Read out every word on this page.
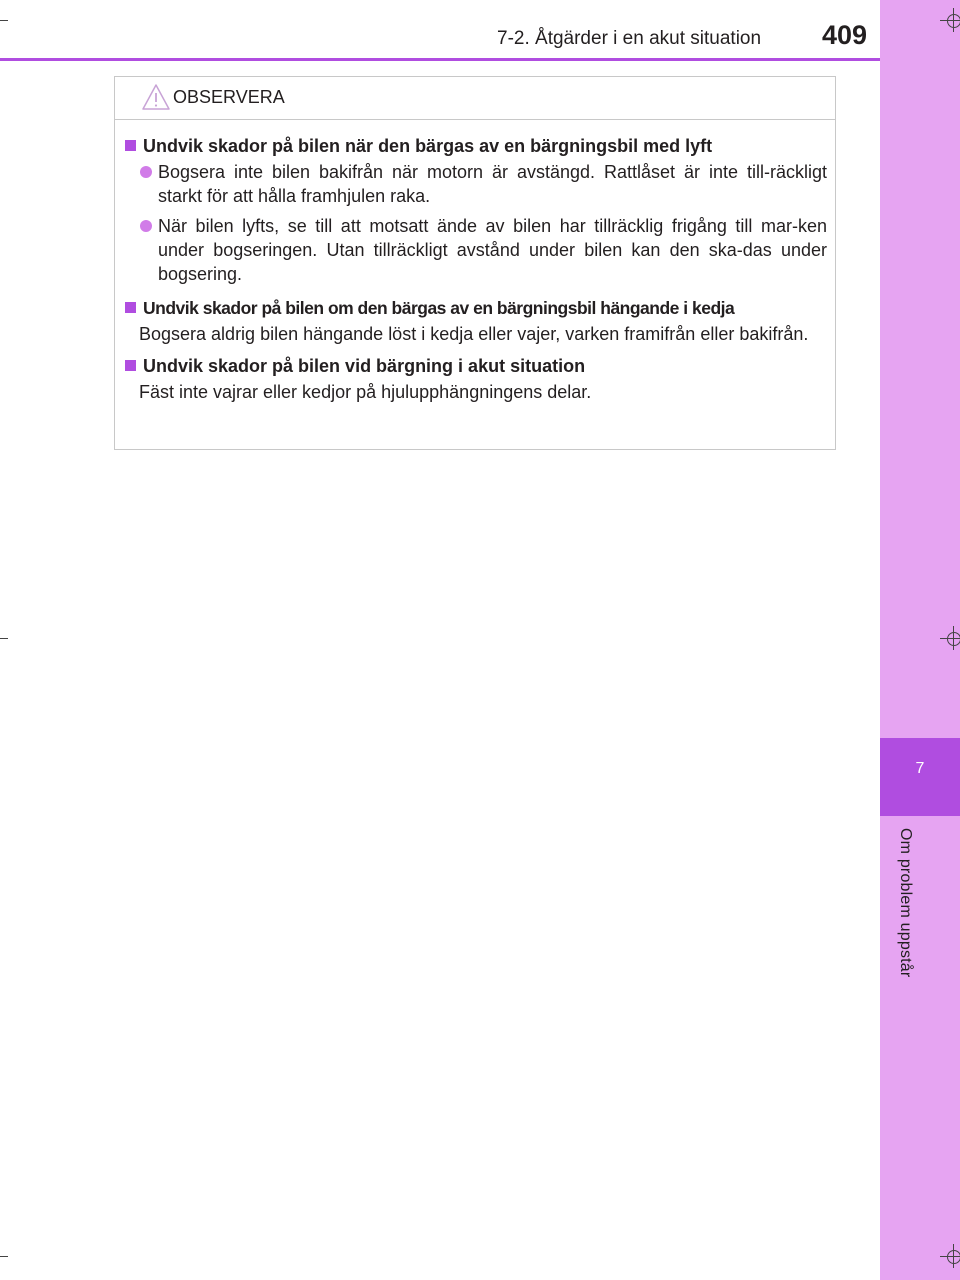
7
Om problem uppstår
7-2. Åtgärder i en akut situation 409
OBSERVERA
Undvik skador på bilen när den bärgas av en bärgningsbil med lyft
Bogsera inte bilen bakifrån när motorn är avstängd. Rattlåset är inte till-räckligt starkt för att hålla framhjulen raka.
När bilen lyfts, se till att motsatt ände av bilen har tillräcklig frigång till mar-ken under bogseringen. Utan tillräckligt avstånd under bilen kan den ska-das under bogsering.
Undvik skador på bilen om den bärgas av en bärgningsbil hängande i kedja
Bogsera aldrig bilen hängande löst i kedja eller vajer, varken framifrån eller bakifrån.
Undvik skador på bilen vid bärgning i akut situation
Fäst inte vajrar eller kedjor på hjulupphängningens delar.
